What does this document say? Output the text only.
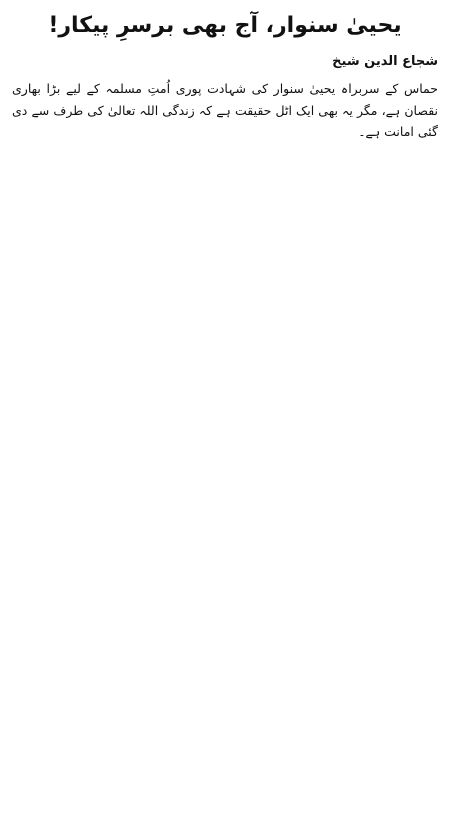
یحییٰ سنوار، آج بھی برسرِ پیکار!
شجاع الدین شیخ

حماس کے سربراہ یحییٰ سنوار کی شہادت پوری اُمتِ مسلمہ کے لیے بڑا بھاری نقصان ہے، مگر یہ بھی ایک اٹل حقیقت ہے کہ زندگی اللہ تعالیٰ کی طرف سے دی گئی امانت ہے۔
